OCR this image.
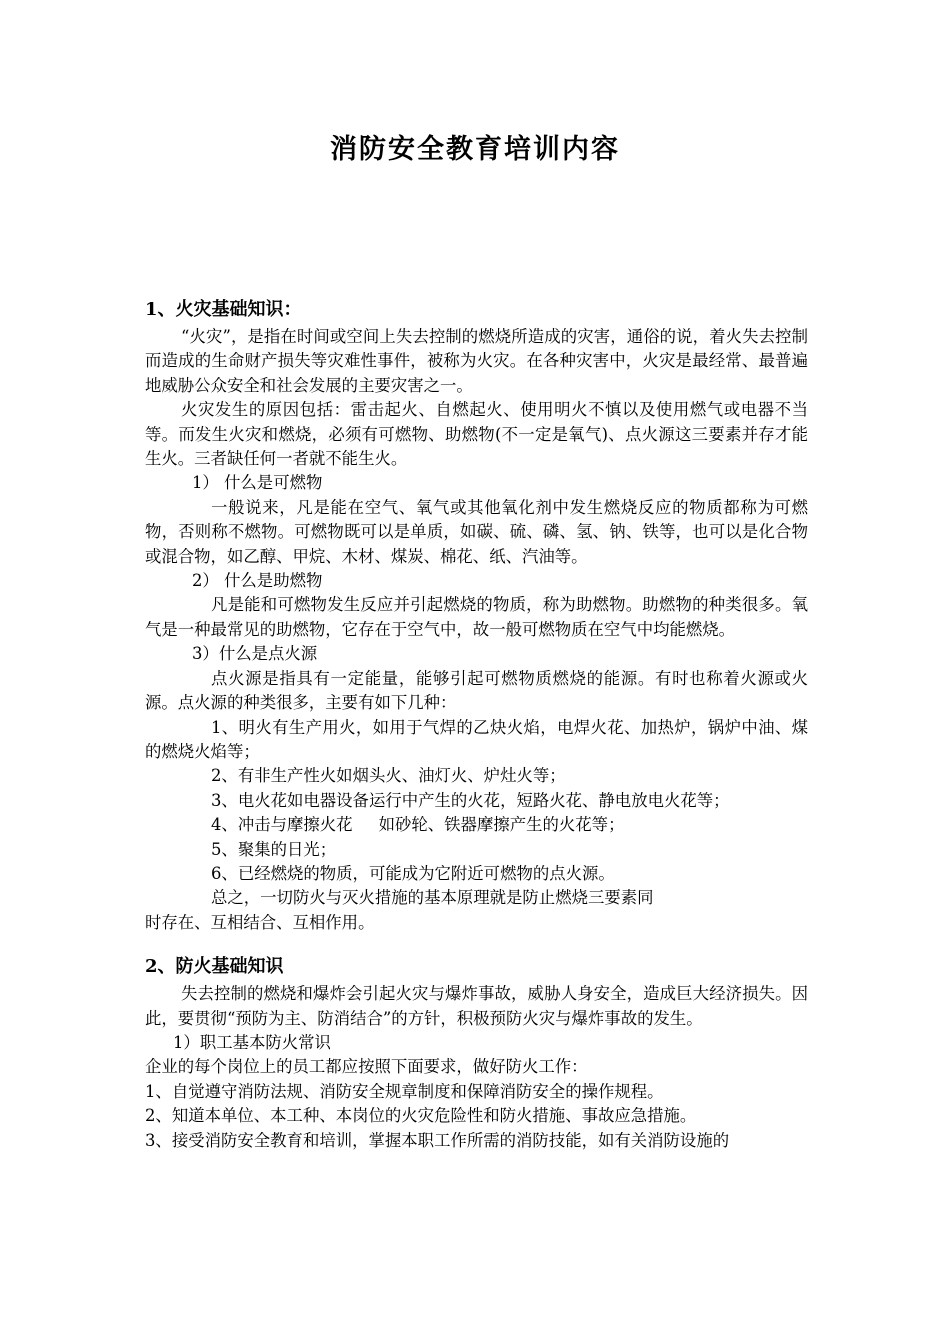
消防安全教育培训内容

1、火灾基础知识：

“火灾”，是指在时间或空间上失去控制的燃烧所造成的灾害，通俗的说，着火失去控制而造成的生命财产损失等灾难性事件，被称为火灾。在各种灾害中，火灾是最经常、最普遍地威胁公众安全和社会发展的主要灾害之一。

火灾发生的原因包括：雷击起火、自燃起火、使用明火不慎以及使用燃气或电器不当等。而发生火灾和燃烧，必须有可燃物、助燃物(不一定是氧气)、点火源这三要素并存才能生火。三者缺任何一者就不能生火。

1） 什么是可燃物

一般说来，凡是能在空气、氧气或其他氧化剂中发生燃烧反应的物质都称为可燃物，否则称不燃物。可燃物既可以是单质，如碳、硫、磷、氢、钠、铁等，也可以是化合物或混合物，如乙醇、甲烷、木材、煤炭、棉花、纸、汽油等。

2） 什么是助燃物

凡是能和可燃物发生反应并引起燃烧的物质，称为助燃物。助燃物的种类很多。氧气是一种最常见的助燃物，它存在于空气中，故一般可燃物质在空气中均能燃烧。

3）什么是点火源

点火源是指具有一定能量，能够引起可燃物质燃烧的能源。有时也称着火源或火源。点火源的种类很多，主要有如下几种：

1、明火有生产用火，如用于气焊的乙炔火焰，电焊火花、加热炉，锅炉中油、煤的燃烧火焰等；

2、有非生产性火如烟头火、油灯火、炉灶火等；

3、电火花如电器设备运行中产生的火花，短路火花、静电放电火花等；

4、冲击与摩擦火花     如砂轮、铁器摩擦产生的火花等；

5、聚集的日光；

6、已经燃烧的物质，可能成为它附近可燃物的点火源。

总之，一切防火与灭火措施的基本原理就是防止燃烧三要素同

时存在、互相结合、互相作用。

2、防火基础知识

失去控制的燃烧和爆炸会引起火灾与爆炸事故，威胁人身安全，造成巨大经济损失。因此，要贯彻“预防为主、防消结合”的方针，积极预防火灾与爆炸事故的发生。

1）职工基本防火常识

企业的每个岗位上的员工都应按照下面要求，做好防火工作：

1、自觉遵守消防法规、消防安全规章制度和保障消防安全的操作规程。

2、知道本单位、本工种、本岗位的火灾危险性和防火措施、事故应急措施。

3、接受消防安全教育和培训，掌握本职工作所需的消防技能，如有关消防设施的
